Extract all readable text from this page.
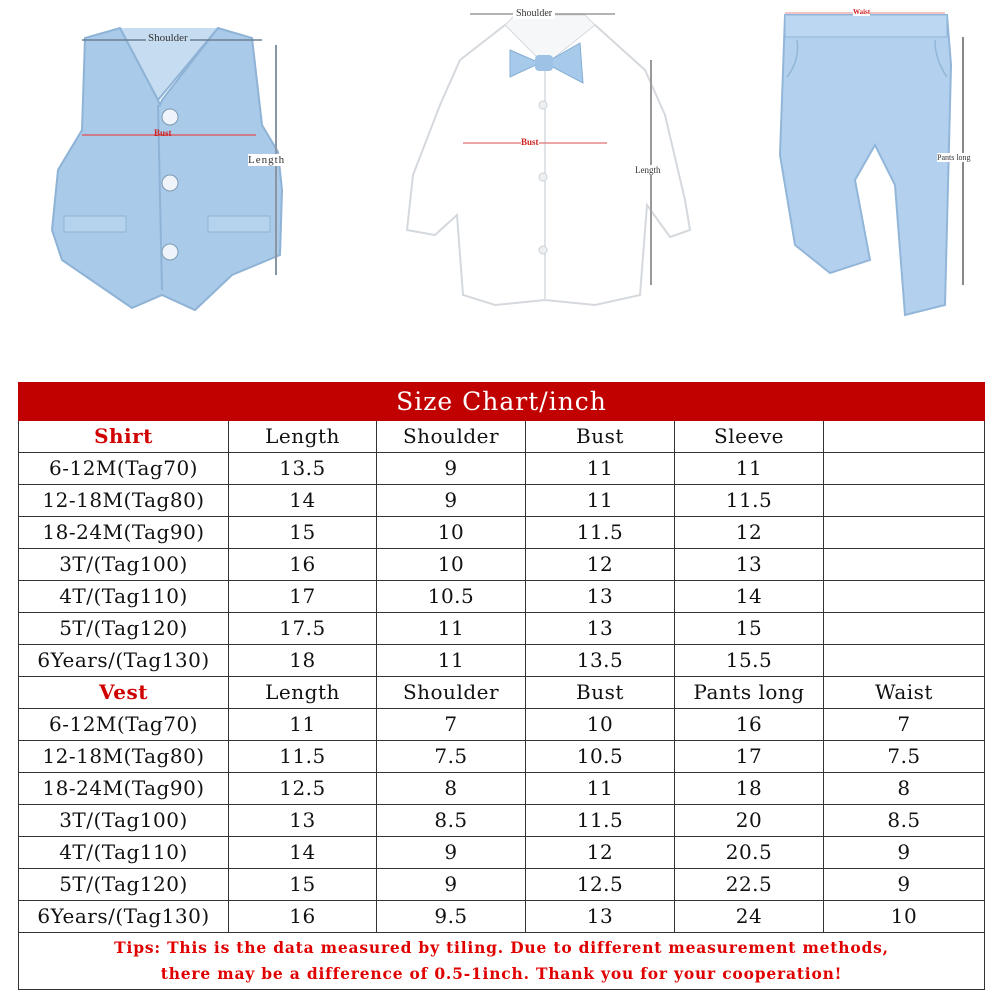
Shoulder
Bust
Length
Shoulder
Bust
Length
Waist
Pants long
Size Chart/inch					
Shirt	Length	Shoulder	Bust	Sleeve	
6-12M(Tag70)	13.5	9	11	11	
12-18M(Tag80)	14	9	11	11.5	
18-24M(Tag90)	15	10	11.5	12	
3T/(Tag100)	16	10	12	13	
4T/(Tag110)	17	10.5	13	14	
5T/(Tag120)	17.5	11	13	15	
6Years/(Tag130)	18	11	13.5	15.5	
Vest	Length	Shoulder	Bust	Pants long	Waist
6-12M(Tag70)	11	7	10	16	7
12-18M(Tag80)	11.5	7.5	10.5	17	7.5
18-24M(Tag90)	12.5	8	11	18	8
3T/(Tag100)	13	8.5	11.5	20	8.5
4T/(Tag110)	14	9	12	20.5	9
5T/(Tag120)	15	9	12.5	22.5	9
6Years/(Tag130)	16	9.5	13	24	10

Tips: This is the data measured by tiling. Due to different measurement methods,
there may be a difference of 0.5-1inch. Thank you for your cooperation!					
